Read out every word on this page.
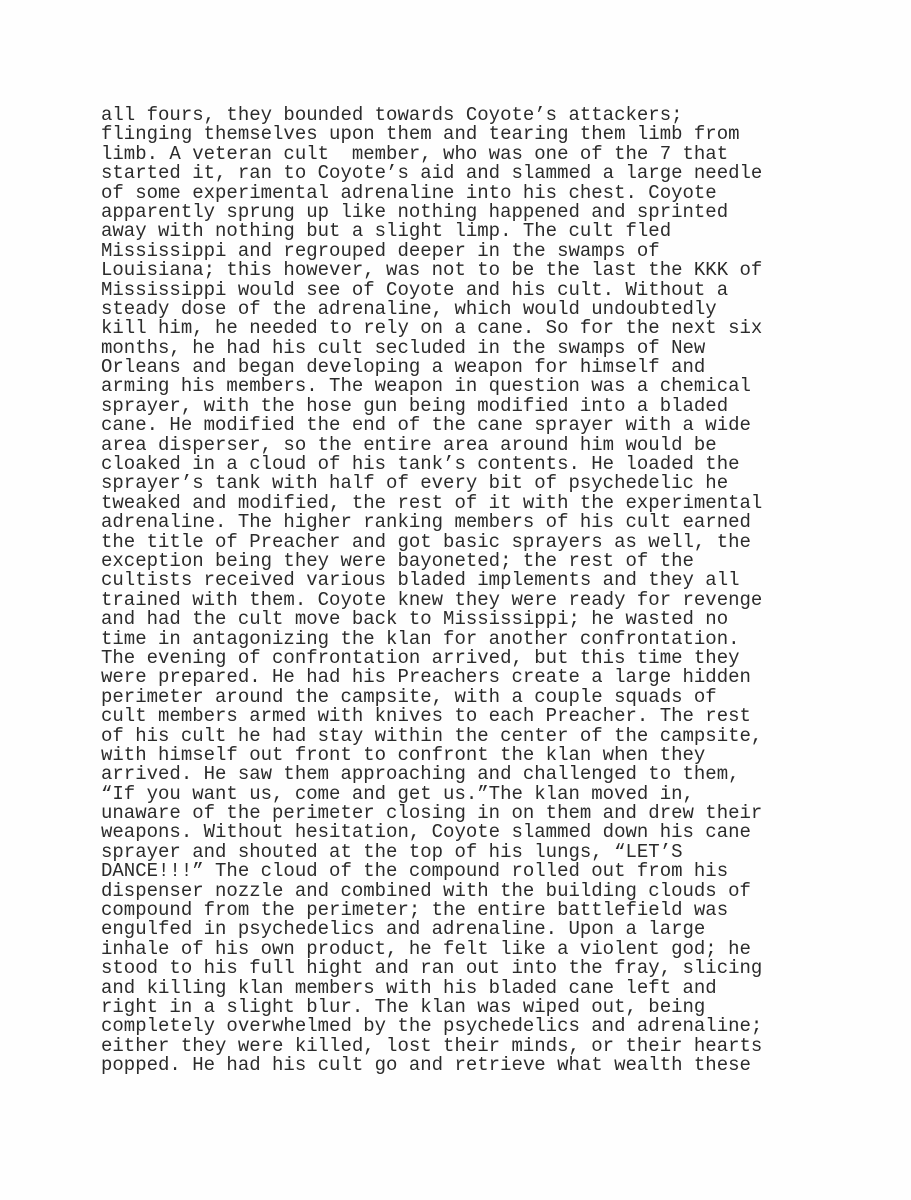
all fours, they bounded towards Coyote’s attackers;
flinging themselves upon them and tearing them limb from
limb. A veteran cult  member, who was one of the 7 that
started it, ran to Coyote’s aid and slammed a large needle
of some experimental adrenaline into his chest. Coyote
apparently sprung up like nothing happened and sprinted
away with nothing but a slight limp. The cult fled
Mississippi and regrouped deeper in the swamps of
Louisiana; this however, was not to be the last the KKK of
Mississippi would see of Coyote and his cult. Without a
steady dose of the adrenaline, which would undoubtedly
kill him, he needed to rely on a cane. So for the next six
months, he had his cult secluded in the swamps of New
Orleans and began developing a weapon for himself and
arming his members. The weapon in question was a chemical
sprayer, with the hose gun being modified into a bladed
cane. He modified the end of the cane sprayer with a wide
area disperser, so the entire area around him would be
cloaked in a cloud of his tank’s contents. He loaded the
sprayer’s tank with half of every bit of psychedelic he
tweaked and modified, the rest of it with the experimental
adrenaline. The higher ranking members of his cult earned
the title of Preacher and got basic sprayers as well, the
exception being they were bayoneted; the rest of the
cultists received various bladed implements and they all
trained with them. Coyote knew they were ready for revenge
and had the cult move back to Mississippi; he wasted no
time in antagonizing the klan for another confrontation.
The evening of confrontation arrived, but this time they
were prepared. He had his Preachers create a large hidden
perimeter around the campsite, with a couple squads of
cult members armed with knives to each Preacher. The rest
of his cult he had stay within the center of the campsite,
with himself out front to confront the klan when they
arrived. He saw them approaching and challenged to them,
“If you want us, come and get us.”The klan moved in,
unaware of the perimeter closing in on them and drew their
weapons. Without hesitation, Coyote slammed down his cane
sprayer and shouted at the top of his lungs, “LET’S
DANCE!!!” The cloud of the compound rolled out from his
dispenser nozzle and combined with the building clouds of
compound from the perimeter; the entire battlefield was
engulfed in psychedelics and adrenaline. Upon a large
inhale of his own product, he felt like a violent god; he
stood to his full hight and ran out into the fray, slicing
and killing klan members with his bladed cane left and
right in a slight blur. The klan was wiped out, being
completely overwhelmed by the psychedelics and adrenaline;
either they were killed, lost their minds, or their hearts
popped. He had his cult go and retrieve what wealth these
